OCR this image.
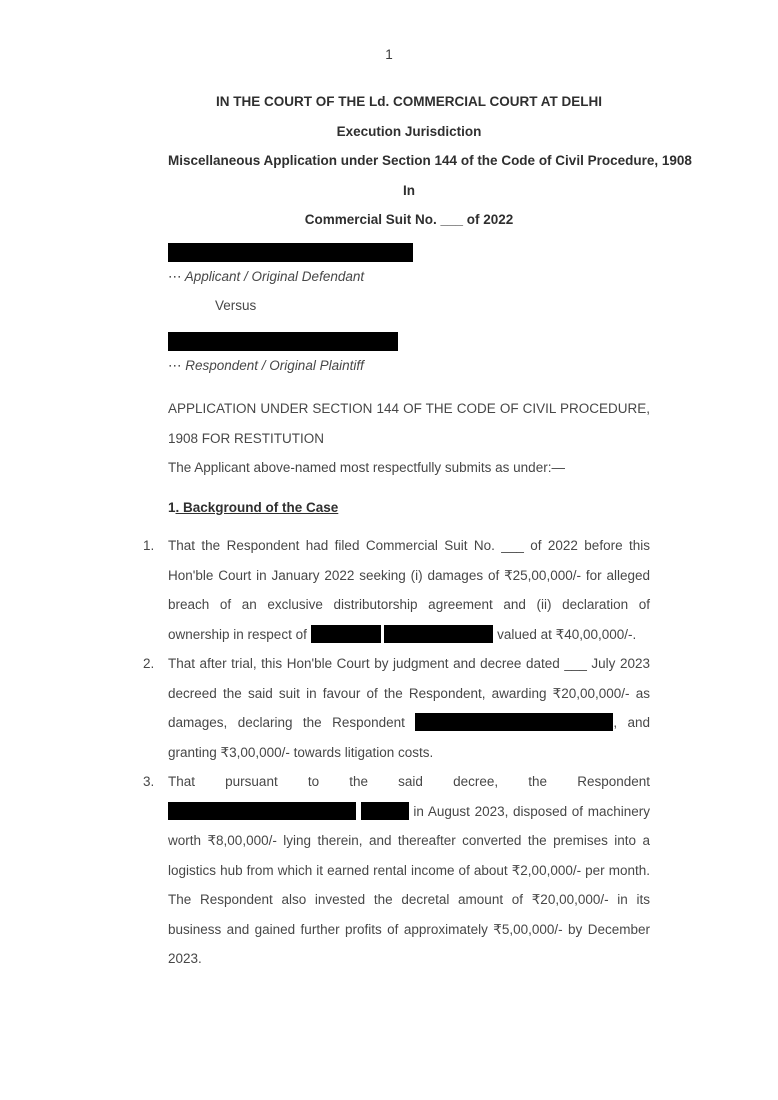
1
IN THE COURT OF THE Ld. COMMERCIAL COURT AT DELHI
Execution Jurisdiction
Miscellaneous Application under Section 144 of the Code of Civil Procedure, 1908
In
Commercial Suit No. ___ of 2022
⋯ Applicant / Original Defendant
Versus
⋯ Respondent / Original Plaintiff

APPLICATION UNDER SECTION 144 OF THE CODE OF CIVIL PROCEDURE, 1908 FOR RESTITUTION

The Applicant above-named most respectfully submits as under:—

1. Background of the Case

1. That the Respondent had filed Commercial Suit No. ___ of 2022 before this Hon'ble Court in January 2022 seeking (i) damages of ₹25,00,000/- for alleged breach of an exclusive distributorship agreement and (ii) declaration of ownership in respect of	valued at ₹40,00,000/-.

2. That after trial, this Hon'ble Court by judgment and decree dated ___ July 2023 decreed the said suit in favour of the Respondent, awarding ₹20,00,000/- as damages, declaring the Respondent	, and granting ₹3,00,000/- towards litigation costs.

3. That pursuant to the said decree, the Respondent   in August 2023, disposed of machinery worth ₹8,00,000/- lying therein, and thereafter converted the premises into a logistics hub from which it earned rental income of about ₹2,00,000/- per month. The Respondent also invested the decretal amount of ₹20,00,000/- in its business and gained further profits of approximately ₹5,00,000/- by December 2023.
